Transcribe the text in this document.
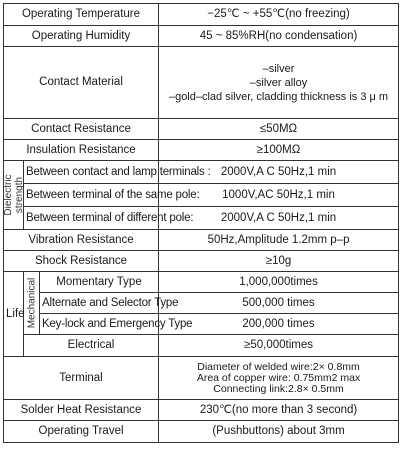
Operating Temperature			−25℃ ~ +55℃(no freezing)
Operating Humidity			45 ~ 85%RH(no condensation)
Contact Material			–silver
–silver alloy
–gold–clad silver, cladding thickness is 3 μ m

Contact Resistance			≤50MΩ
Insulation Resistance			≥100MΩ

Dielectric strength	Between contact and lamp terminals :		2000V,A C 50Hz,1 min
	Between terminal of the same pole:		1000V,AC 50Hz,1 min
	Between terminal of different pole:		2000V,A C 50Hz,1 min
Vibration Resistance			50Hz,Amplitude 1.2mm p–p
Shock Resistance			≥10g
Life	Mechanical	Momentary Type	1,000,000times
		Alternate and Selector Type	500,000 times
		Key-lock and Emergency Type	200,000 times
	Electrical		≥50,000times
Terminal			Diameter of welded wire:2× 0.8mm
Area of copper wire: 0.75mm2 max
Connecting link:2.8× 0.5mm

Solder Heat Resistance			230℃(no more than 3 second)
Operating Travel			(Pushbuttons) about 3mm
